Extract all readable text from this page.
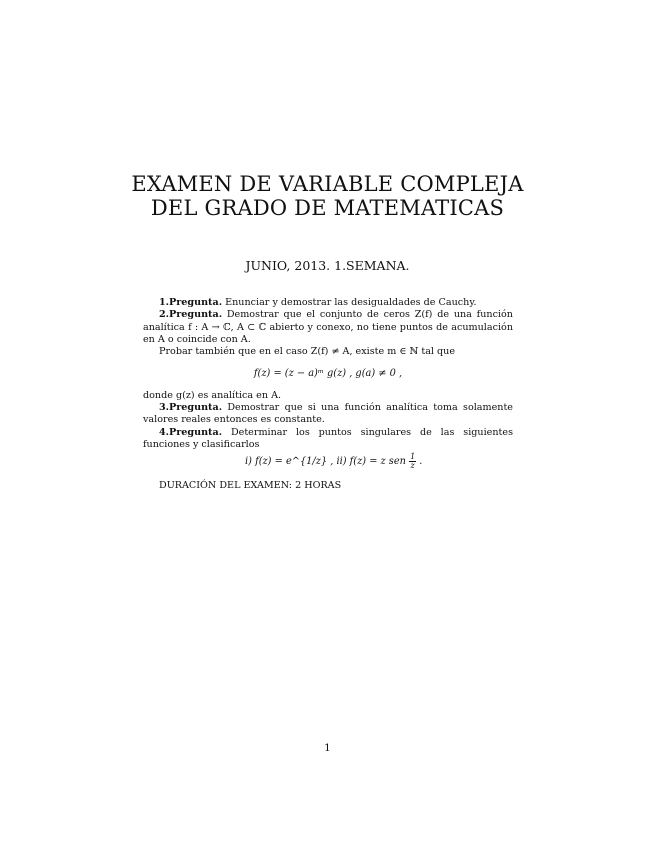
EXAMEN DE VARIABLE COMPLEJA
DEL GRADO DE MATEMATICAS
JUNIO, 2013. 1.SEMANA.

1.Pregunta. Enunciar y demostrar las desigualdades de Cauchy.

2.Pregunta. Demostrar que el conjunto de ceros Z(f) de una función analítica f : A → ℂ, A ⊂ ℂ abierto y conexo, no tiene puntos de acumulación en A o coincide con A.

Probar también que en el caso Z(f) ≠ A, existe m ∈ ℕ tal que

f(z) = (z − a)ᵐ g(z) , g(a) ≠ 0 ,

donde g(z) es analítica en A.

3.Pregunta. Demostrar que si una función analítica toma solamente valores reales entonces es constante.

4.Pregunta. Determinar los puntos singulares de las siguientes funciones y clasificarlos

i) f(z) = e^{1/z} , ii) f(z) = z sen $\frac{1}{z}$ .

DURACIÓN DEL EXAMEN: 2 HORAS

1
